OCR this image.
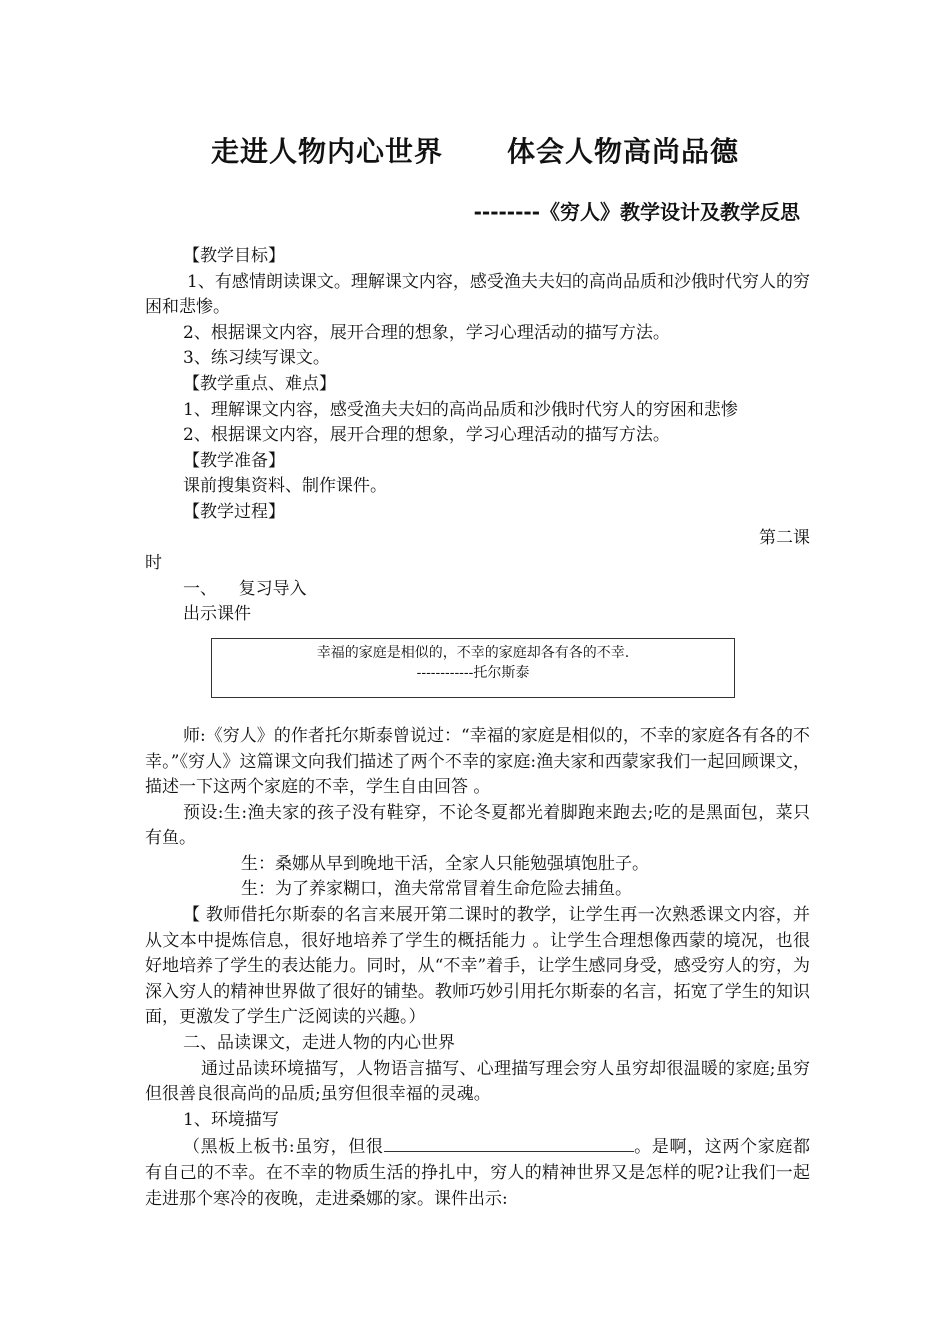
走进人物内心世界 体会人物高尚品德
--------《穷人》教学设计及教学反思

【教学目标】

1、有感情朗读课文。理解课文内容，感受渔夫夫妇的高尚品质和沙俄时代穷人的穷困和悲惨。

2、根据课文内容，展开合理的想象，学习心理活动的描写方法。

3、练习续写课文。

【教学重点、难点】

1、理解课文内容，感受渔夫夫妇的高尚品质和沙俄时代穷人的穷困和悲惨

2、根据课文内容，展开合理的想象，学习心理活动的描写方法。

【教学准备】

课前搜集资料、制作课件。

【教学过程】

第二课

时

一、    复习导入

出示课件

幸福的家庭是相似的，不幸的家庭却各有各的不幸.
------------托尔斯泰

师:《穷人》的作者托尔斯泰曾说过：“幸福的家庭是相似的，不幸的家庭各有各的不幸。”《穷人》这篇课文向我们描述了两个不幸的家庭:渔夫家和西蒙家我们一起回顾课文，描述一下这两个家庭的不幸，学生自由回答 。

预设:生:渔夫家的孩子没有鞋穿，不论冬夏都光着脚跑来跑去;吃的是黑面包，菜只有鱼。

生：桑娜从早到晚地干活，全家人只能勉强填饱肚子。

生：为了养家糊口，渔夫常常冒着生命危险去捕鱼。

【 教师借托尔斯泰的名言来展开第二课时的教学，让学生再一次熟悉课文内容，并从文本中提炼信息，很好地培养了学生的概括能力 。让学生合理想像西蒙的境况，也很好地培养了学生的表达能力。同时，从“不幸”着手，让学生感同身受，感受穷人的穷，为深入穷人的精神世界做了很好的铺垫。教师巧妙引用托尔斯泰的名言，拓宽了学生的知识面，更激发了学生广泛阅读的兴趣。）

二、品读课文，走进人物的内心世界

通过品读环境描写，人物语言描写、心理描写理会穷人虽穷却很温暖的家庭;虽穷但很善良很高尚的品质;虽穷但很幸福的灵魂。

1、环境描写

（黑板上板书:虽穷，但很	。是啊，这两个家庭都有自己的不幸。在不幸的物质生活的挣扎中，穷人的精神世界又是怎样的呢?让我们一起走进那个寒冷的夜晚，走进桑娜的家。课件出示:
